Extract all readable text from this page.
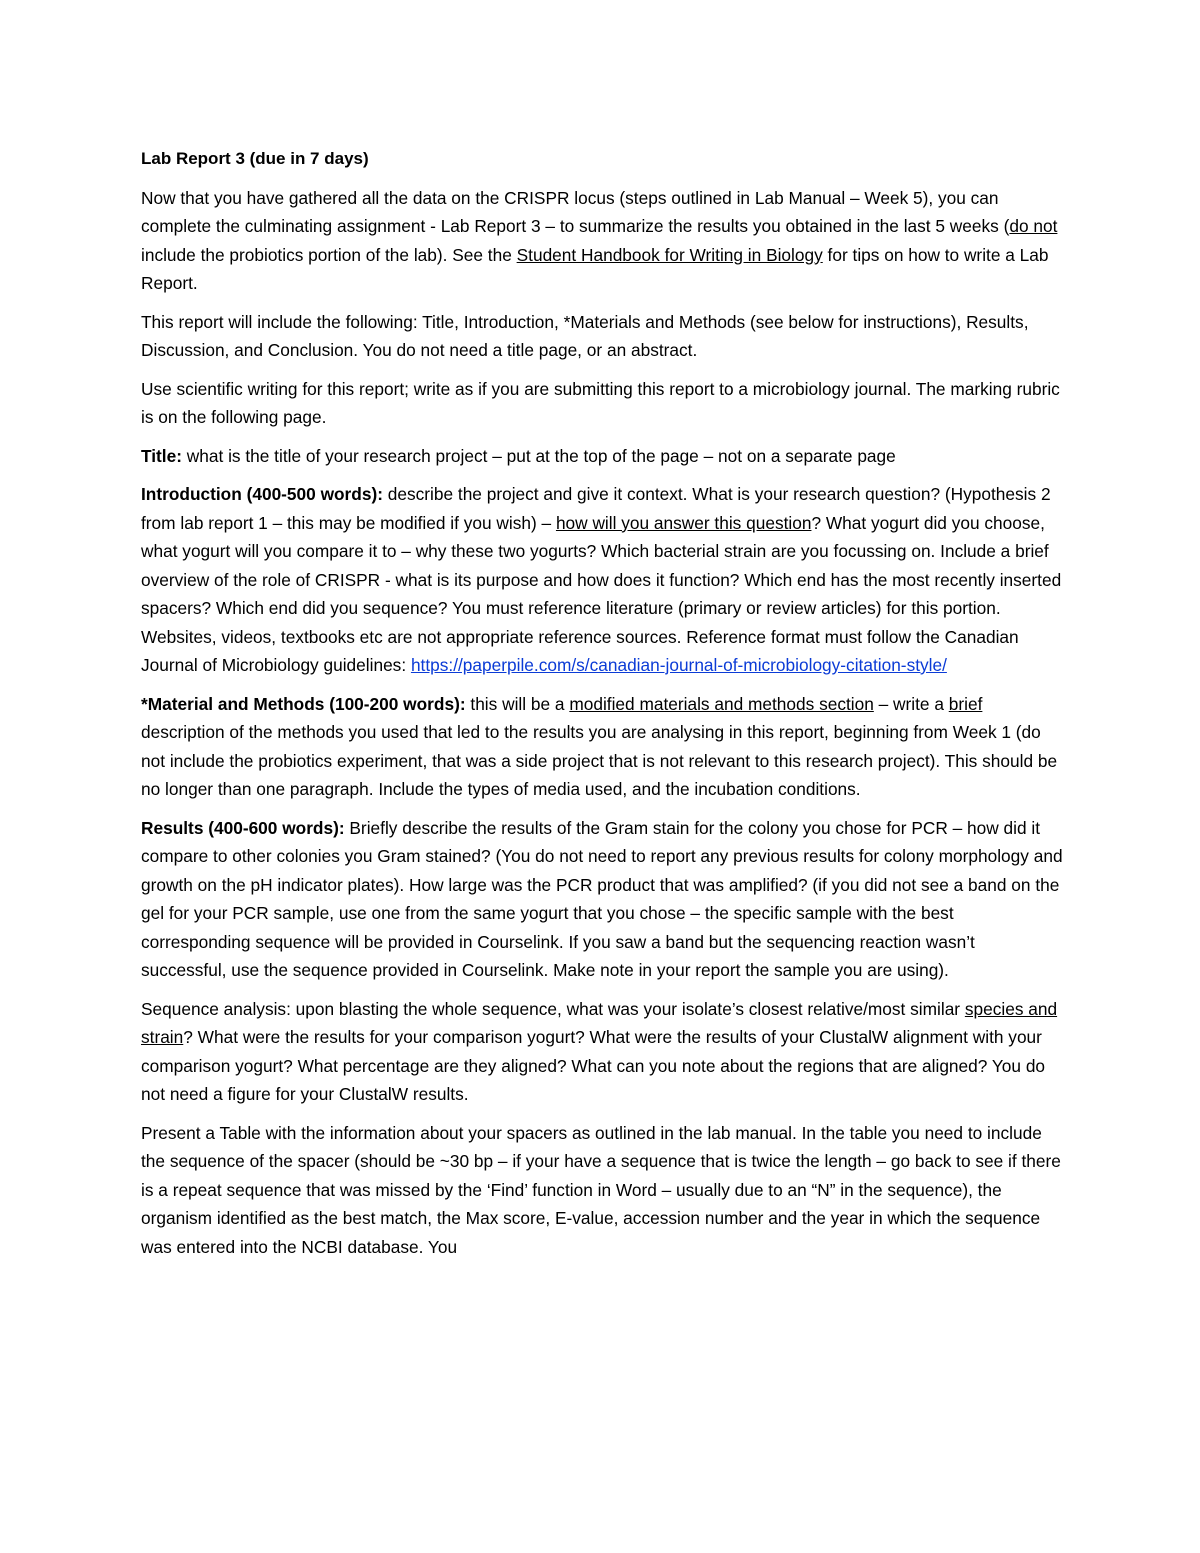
Lab Report 3 (due in 7 days)

Now that you have gathered all the data on the CRISPR locus (steps outlined in Lab Manual – Week 5), you can complete the culminating assignment - Lab Report 3 – to summarize the results you obtained in the last 5 weeks (do not include the probiotics portion of the lab). See the Student Handbook for Writing in Biology for tips on how to write a Lab Report.

This report will include the following: Title, Introduction, *Materials and Methods (see below for instructions), Results, Discussion, and Conclusion. You do not need a title page, or an abstract.

Use scientific writing for this report; write as if you are submitting this report to a microbiology journal. The marking rubric is on the following page.

Title: what is the title of your research project – put at the top of the page – not on a separate page

Introduction (400-500 words): describe the project and give it context. What is your research question? (Hypothesis 2 from lab report 1 – this may be modified if you wish) – how will you answer this question? What yogurt did you choose, what yogurt will you compare it to – why these two yogurts? Which bacterial strain are you focussing on. Include a brief overview of the role of CRISPR - what is its purpose and how does it function? Which end has the most recently inserted spacers? Which end did you sequence? You must reference literature (primary or review articles) for this portion. Websites, videos, textbooks etc are not appropriate reference sources. Reference format must follow the Canadian Journal of Microbiology guidelines: https://paperpile.com/s/canadian-journal-of-microbiology-citation-style/

*Material and Methods (100-200 words): this will be a modified materials and methods section – write a brief description of the methods you used that led to the results you are analysing in this report, beginning from Week 1 (do not include the probiotics experiment, that was a side project that is not relevant to this research project). This should be no longer than one paragraph. Include the types of media used, and the incubation conditions.

Results (400-600 words): Briefly describe the results of the Gram stain for the colony you chose for PCR – how did it compare to other colonies you Gram stained? (You do not need to report any previous results for colony morphology and growth on the pH indicator plates). How large was the PCR product that was amplified? (if you did not see a band on the gel for your PCR sample, use one from the same yogurt that you chose – the specific sample with the best corresponding sequence will be provided in Courselink. If you saw a band but the sequencing reaction wasn’t successful, use the sequence provided in Courselink. Make note in your report the sample you are using).

Sequence analysis: upon blasting the whole sequence, what was your isolate’s closest relative/most similar species and strain? What were the results for your comparison yogurt? What were the results of your ClustalW alignment with your comparison yogurt? What percentage are they aligned? What can you note about the regions that are aligned? You do not need a figure for your ClustalW results.

Present a Table with the information about your spacers as outlined in the lab manual. In the table you need to include the sequence of the spacer (should be ~30 bp – if your have a sequence that is twice the length – go back to see if there is a repeat sequence that was missed by the ‘Find’ function in Word – usually due to an “N” in the sequence), the organism identified as the best match, the Max score, E-value, accession number and the year in which the sequence was entered into the NCBI database. You
